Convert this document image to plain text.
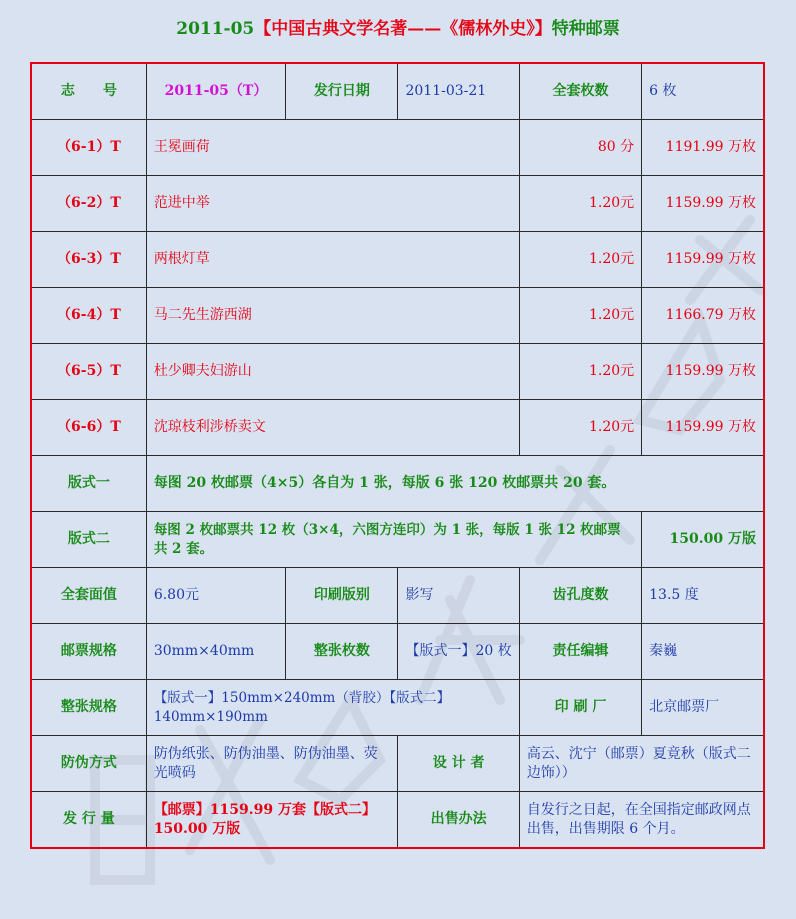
2011-05【中国古典文学名著——《儒林外史》】特种邮票
志　　号	2011-05（T）	发行日期	2011-03-21	全套枚数	6 枚
（6-1）T	王冕画荷			80 分	1191.99 万枚
（6-2）T	范进中举			1.20元	1159.99 万枚
（6-3）T	两根灯草			1.20元	1159.99 万枚
（6-4）T	马二先生游西湖			1.20元	1166.79 万枚
（6-5）T	杜少卿夫妇游山			1.20元	1159.99 万枚
（6-6）T	沈琼枝利涉桥卖文			1.20元	1159.99 万枚
版式一	每图 20 枚邮票（4×5）各自为 1 张，每版 6 张 120 枚邮票共 20 套。				
版式二	每图 2 枚邮票共 12 枚（3×4，六图方连印）为 1 张，每版 1 张 12 枚邮票共 2 套。				150.00 万版
全套面值	6.80元	印刷版别	影写	齿孔度数	13.5 度
邮票规格	30mm×40mm	整张枚数	【版式一】20 枚	责任编辑	秦巍
整张规格	【版式一】150mm×240mm（背胶）【版式二】140mm×190mm			印 刷 厂	北京邮票厂
防伪方式	防伪纸张、防伪油墨、防伪油墨、荧光喷码		设 计 者	高云、沈宁（邮票）夏竟秋（版式二边饰））	
发 行 量	【邮票】1159.99 万套【版式二】150.00 万版		出售办法	自发行之日起，在全国指定邮政网点出售，出售期限 6 个月。	
